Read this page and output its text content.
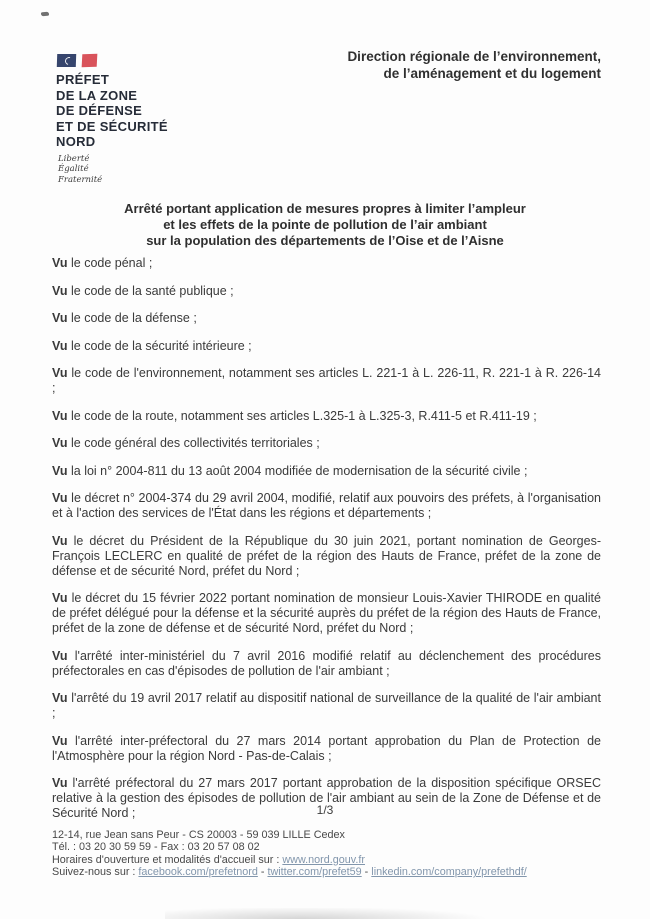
PRÉFET
DE LA ZONE
DE DÉFENSE
ET DE SÉCURITÉ
NORD
Liberté
Égalité
Fraternité
Direction régionale de l’environnement,
de l’aménagement et du logement
Arrêté portant application de mesures propres à limiter l’ampleur
et les effets de la pointe de pollution de l’air ambiant
sur la population des départements de l’Oise et de l’Aisne

Vu le code pénal ;

Vu le code de la santé publique ;

Vu le code de la défense ;

Vu le code de la sécurité intérieure ;

Vu le code de l'environnement, notamment ses articles L. 221-1 à L. 226-11, R. 221-1 à R. 226-14 ;

Vu le code de la route, notamment ses articles L.325-1 à L.325-3, R.411-5 et R.411-19 ;

Vu le code général des collectivités territoriales ;

Vu la loi n° 2004-811 du 13 août 2004 modifiée de modernisation de la sécurité civile ;

Vu le décret n° 2004-374 du 29 avril 2004, modifié, relatif aux pouvoirs des préfets, à l'organisation et à l'action des services de l'État dans les régions et départements ;

Vu le décret du Président de la République du 30 juin 2021, portant nomination de Georges-François LECLERC en qualité de préfet de la région des Hauts de France, préfet de la zone de défense et de sécurité Nord, préfet du Nord ;

Vu le décret du 15 février 2022 portant nomination de monsieur Louis-Xavier THIRODE en qualité de préfet délégué pour la défense et la sécurité auprès du préfet de la région des Hauts de France, préfet de la zone de défense et de sécurité Nord, préfet du Nord ;

Vu l'arrêté inter-ministériel du 7 avril 2016 modifié relatif au déclenchement des procédures préfectorales en cas d'épisodes de pollution de l'air ambiant ;

Vu l'arrêté du 19 avril 2017 relatif au dispositif national de surveillance de la qualité de l'air ambiant ;

Vu l'arrêté inter-préfectoral du 27 mars 2014 portant approbation du Plan de Protection de l'Atmosphère pour la région Nord - Pas-de-Calais ;

Vu l'arrêté préfectoral du 27 mars 2017 portant approbation de la disposition spécifique ORSEC relative à la gestion des épisodes de pollution de l'air ambiant au sein de la Zone de Défense et de Sécurité Nord ;	1/3
12-14, rue Jean sans Peur - CS 20003 - 59 039 LILLE Cedex
Tél. : 03 20 30 59 59 - Fax : 03 20 57 08 02
Horaires d'ouverture et modalités d'accueil sur : www.nord.gouv.fr
Suivez-nous sur : facebook.com/prefetnord - twitter.com/prefet59 - linkedin.com/company/prefethdf/
